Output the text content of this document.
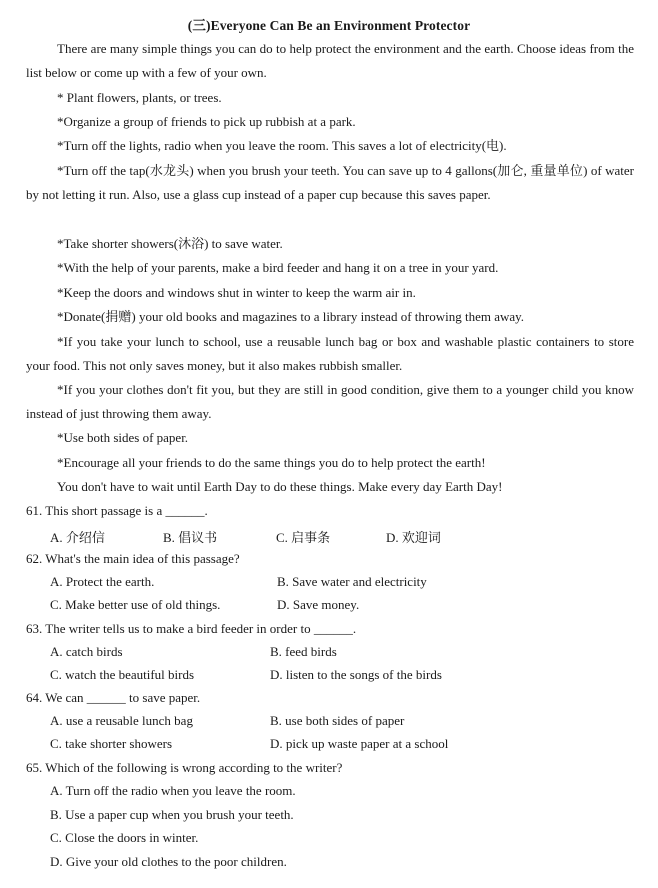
(三)Everyone Can Be an Environment Protector
There are many simple things you can do to help protect the environment and the earth. Choose ideas from the list below or come up with a few of your own.
* Plant flowers, plants, or trees.
*Organize a group of friends to pick up rubbish at a park.
*Turn off the lights, radio when you leave the room. This saves a lot of electricity(电).
*Turn off the tap(水龙头) when you brush your teeth. You can save up to 4 gallons(加仑, 重量单位) of water by not letting it run. Also, use a glass cup instead of a paper cup because this saves paper.
*Take shorter showers(沐浴) to save water.
*With the help of your parents, make a bird feeder and hang it on a tree in your yard.
*Keep the doors and windows shut in winter to keep the warm air in.
*Donate(捐赠) your old books and magazines to a library instead of throwing them away.
*If you take your lunch to school, use a reusable lunch bag or box and washable plastic containers to store your food. This not only saves money, but it also makes rubbish smaller.
*If you your clothes don't fit you, but they are still in good condition, give them to a younger child you know instead of just throwing them away.
*Use both sides of paper.
*Encourage all your friends to do the same things you do to help protect the earth!
You don't have to wait until Earth Day to do these things. Make every day Earth Day!
61. This short passage is a ______.
A. 介绍信	B. 倡议书	C. 启事条	D. 欢迎词
62. What's the main idea of this passage?
A. Protect the earth.	B. Save water and electricity
C. Make better use of old things.	D. Save money.
63. The writer tells us to make a bird feeder in order to ______.
A. catch birds	B. feed birds
C. watch the beautiful birds	D. listen to the songs of the birds
64. We can ______ to save paper.
A. use a reusable lunch bag	B. use both sides of paper
C. take shorter showers	D. pick up waste paper at a school
65. Which of the following is wrong according to the writer?
A. Turn off the radio when you leave the room.
B. Use a paper cup when you brush your teeth.
C. Close the doors in winter.
D. Give your old clothes to the poor children.
